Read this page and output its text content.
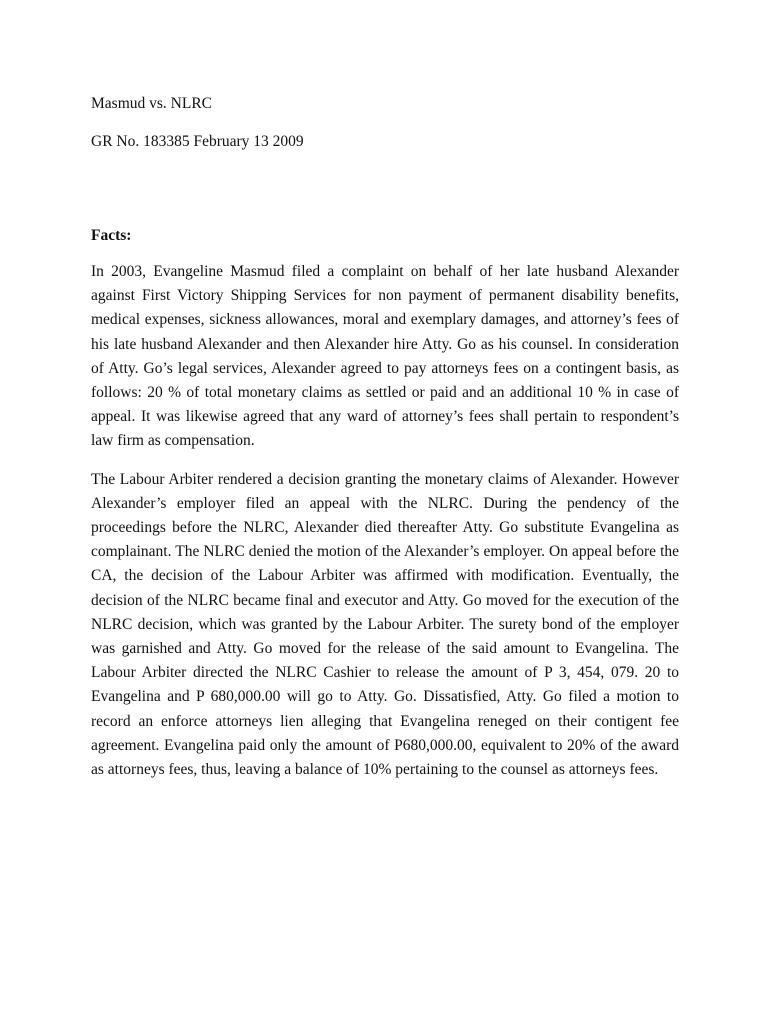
Masmud vs. NLRC

GR No. 183385 February 13 2009

Facts:

In 2003, Evangeline Masmud filed a complaint on behalf of her late husband Alexander against First Victory Shipping Services for non payment of permanent disability benefits, medical expenses, sickness allowances, moral and exemplary damages, and attorney’s fees of his late husband Alexander and then Alexander hire Atty. Go as his counsel. In consideration of Atty. Go’s legal services, Alexander agreed to pay attorneys fees on a contingent basis, as follows: 20 % of total monetary claims as settled or paid and an additional 10 % in case of appeal. It was likewise agreed that any ward of attorney’s fees shall pertain to respondent’s law firm as compensation.

The Labour Arbiter rendered a decision granting the monetary claims of Alexander. However Alexander’s employer filed an appeal with the NLRC. During the pendency of the proceedings before the NLRC, Alexander died thereafter Atty. Go substitute Evangelina as complainant. The NLRC denied the motion of the Alexander’s employer. On appeal before the CA, the decision of the Labour Arbiter was affirmed with modification. Eventually, the decision of the NLRC became final and executor and Atty. Go moved for the execution of the NLRC decision, which was granted by the Labour Arbiter. The surety bond of the employer was garnished and Atty. Go moved for the release of the said amount to Evangelina. The Labour Arbiter directed the NLRC Cashier to release the amount of P 3, 454, 079. 20 to Evangelina and P 680,000.00 will go to Atty. Go. Dissatisfied, Atty. Go filed a motion to record an enforce attorneys lien alleging that Evangelina reneged on their contigent fee agreement. Evangelina paid only the amount of P680,000.00, equivalent to 20% of the award as attorneys fees, thus, leaving a balance of 10% pertaining to the counsel as attorneys fees.
